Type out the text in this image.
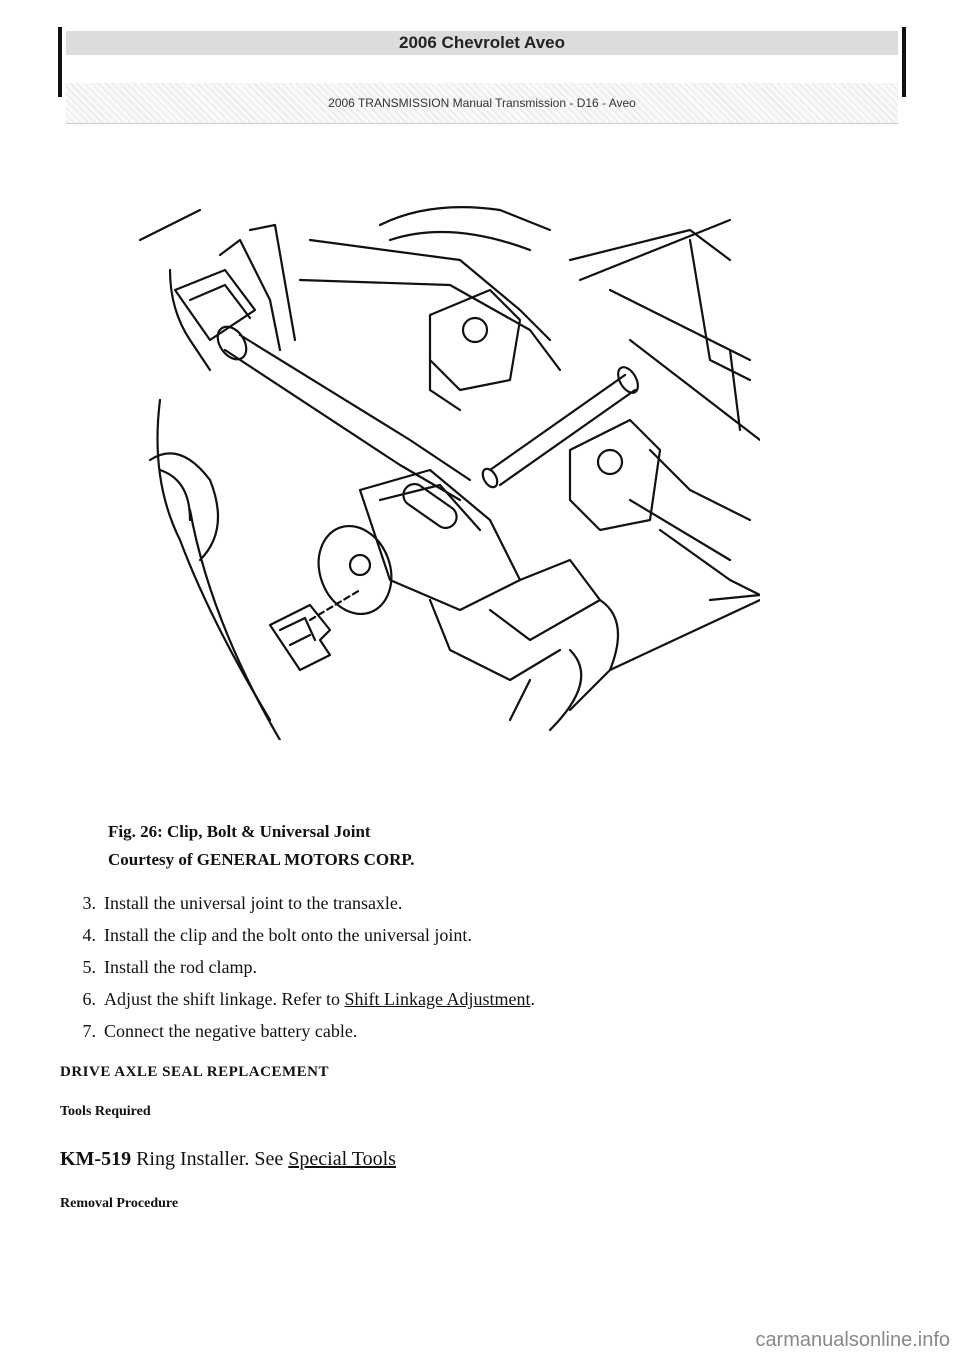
2006 Chevrolet Aveo
2006 TRANSMISSION Manual Transmission - D16 - Aveo
Fig. 26: Clip, Bolt & Universal Joint
Courtesy of GENERAL MOTORS CORP.
3. Install the universal joint to the transaxle.
4. Install the clip and the bolt onto the universal joint.
5. Install the rod clamp.
6. Adjust the shift linkage. Refer to Shift Linkage Adjustment.
7. Connect the negative battery cable.
DRIVE AXLE SEAL REPLACEMENT
Tools Required
KM-519 Ring Installer. See Special Tools
Removal Procedure
carmanualsonline.info
